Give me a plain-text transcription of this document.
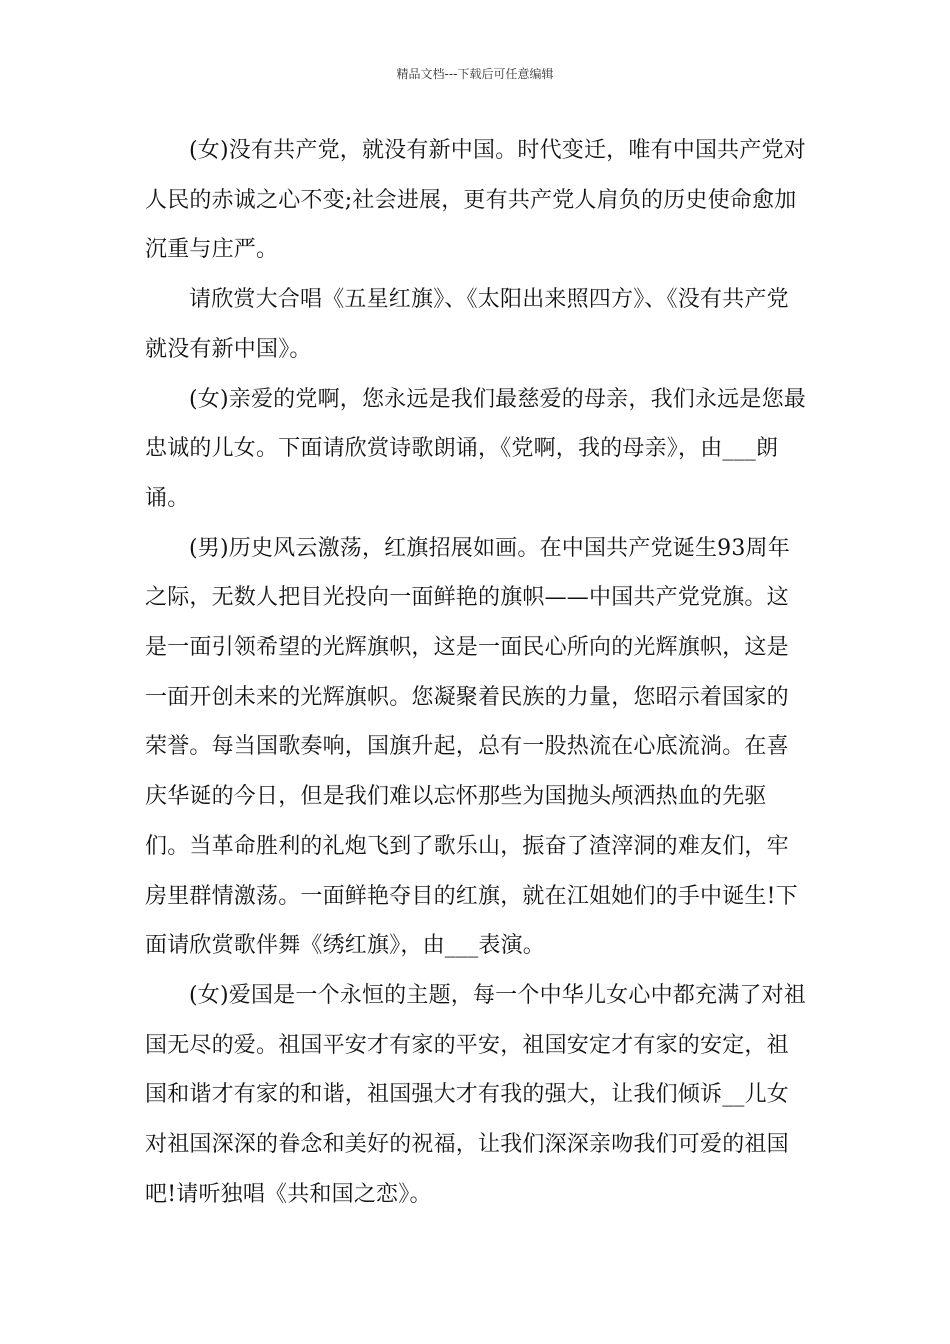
精品文档---下载后可任意编辑

(女)没有共产党，就没有新中国。时代变迁，唯有中国共产党对人民的赤诚之心不变;社会进展，更有共产党人肩负的历史使命愈加沉重与庄严。

请欣赏大合唱《五星红旗》、《太阳出来照四方》、《没有共产党就没有新中国》。

(女)亲爱的党啊，您永远是我们最慈爱的母亲，我们永远是您最忠诚的儿女。下面请欣赏诗歌朗诵，《党啊，我的母亲》，由___朗诵。

(男)历史风云激荡，红旗招展如画。在中国共产党诞生93周年之际，无数人把目光投向一面鲜艳的旗帜——中国共产党党旗。这是一面引领希望的光辉旗帜，这是一面民心所向的光辉旗帜，这是一面开创未来的光辉旗帜。您凝聚着民族的力量，您昭示着国家的荣誉。每当国歌奏响，国旗升起，总有一股热流在心底流淌。在喜庆华诞的今日，但是我们难以忘怀那些为国抛头颅洒热血的先驱们。当革命胜利的礼炮飞到了歌乐山，振奋了渣滓洞的难友们，牢房里群情激荡。一面鲜艳夺目的红旗，就在江姐她们的手中诞生!下面请欣赏歌伴舞《绣红旗》，由___表演。

(女)爱国是一个永恒的主题，每一个中华儿女心中都充满了对祖国无尽的爱。祖国平安才有家的平安，祖国安定才有家的安定，祖国和谐才有家的和谐，祖国强大才有我的强大，让我们倾诉__儿女对祖国深深的眷念和美好的祝福，让我们深深亲吻我们可爱的祖国吧!请听独唱《共和国之恋》。
